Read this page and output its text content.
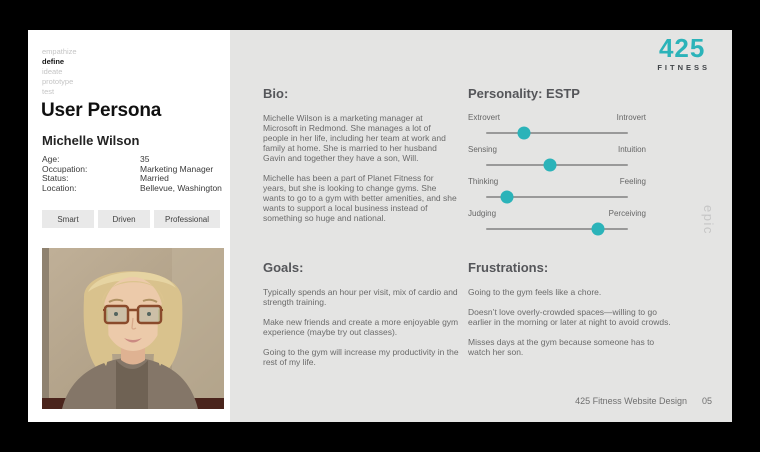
empathize
define
ideate
prototype
test
User Persona
Michelle Wilson
Age:	35
Occupation:	Marketing Manager
Status:	Married
Location:	Bellevue, Washington
Smart	Driven	Professional
425
FITNESS
Bio:

Michelle Wilson is a marketing manager at Microsoft in Redmond. She manages a lot of people in her life, including her team at work and family at home. She is married to her husband Gavin and together they have a son, Will.

Michelle has been a part of Planet Fitness for years, but she is looking to change gyms. She wants to go to a gym with better amenities, and she wants to support a local business instead of something so huge and national.

Personality: ESTP
Extrovert	Introvert
Sensing	Intuition
Thinking	Feeling
Judging	Perceiving
Goals:

Typically spends an hour per visit, mix of cardio and strength training.

Make new friends and create a more enjoyable gym experience (maybe try out classes).

Going to the gym will increase my productivity in the rest of my life.

Frustrations:

Going to the gym feels like a chore.

Doesn’t love overly-crowded spaces—willing to go earlier in the morning or later at night to avoid crowds.

Misses days at the gym because someone has to watch her son.

epic
425 Fitness Website Design 05
